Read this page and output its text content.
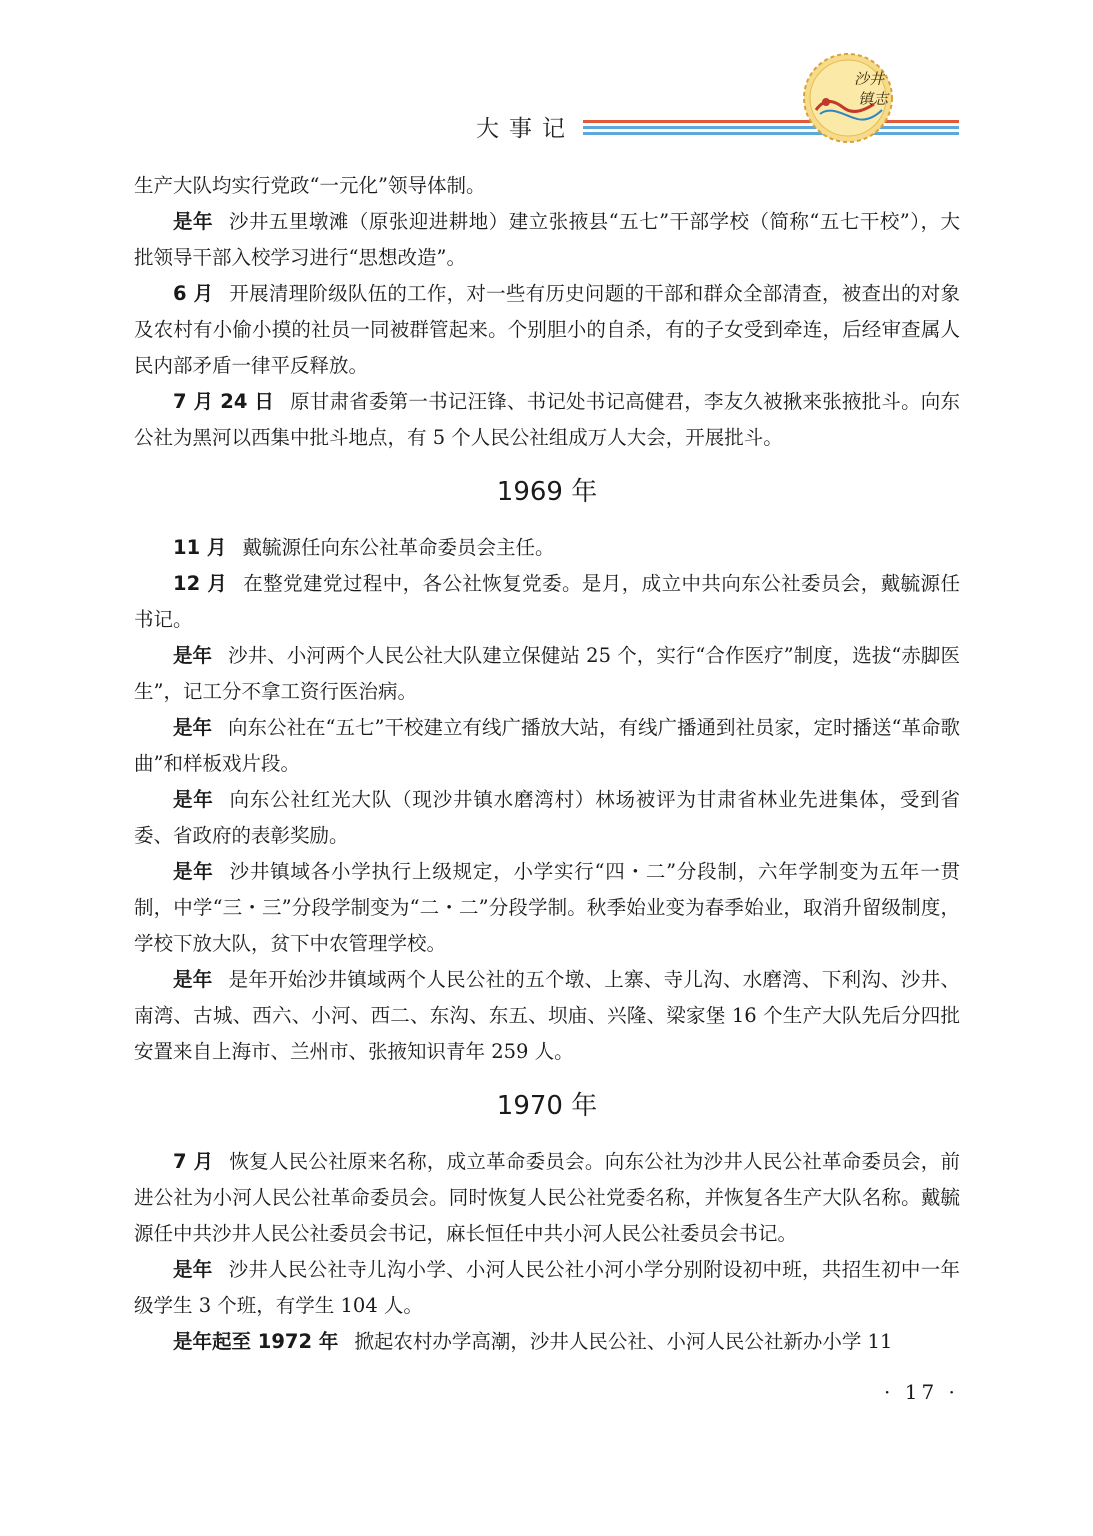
大事记
沙井
镇志

生产大队均实行党政“一元化”领导体制。

是年 沙井五里墩滩（原张迎进耕地）建立张掖县“五七”干部学校（简称“五七干校”），大批领导干部入校学习进行“思想改造”。

6 月 开展清理阶级队伍的工作，对一些有历史问题的干部和群众全部清查，被查出的对象及农村有小偷小摸的社员一同被群管起来。个别胆小的自杀，有的子女受到牵连，后经审查属人民内部矛盾一律平反释放。

7 月 24 日 原甘肃省委第一书记汪锋、书记处书记高健君，李友久被揪来张掖批斗。向东公社为黑河以西集中批斗地点，有 5 个人民公社组成万人大会，开展批斗。

1969 年

11 月 戴毓源任向东公社革命委员会主任。

12 月 在整党建党过程中，各公社恢复党委。是月，成立中共向东公社委员会，戴毓源任书记。

是年 沙井、小河两个人民公社大队建立保健站 25 个，实行“合作医疗”制度，选拔“赤脚医生”，记工分不拿工资行医治病。

是年 向东公社在“五七”干校建立有线广播放大站，有线广播通到社员家，定时播送“革命歌曲”和样板戏片段。

是年 向东公社红光大队（现沙井镇水磨湾村）林场被评为甘肃省林业先进集体，受到省委、省政府的表彰奖励。

是年 沙井镇域各小学执行上级规定，小学实行“四・二”分段制，六年学制变为五年一贯制，中学“三・三”分段学制变为“二・二”分段学制。秋季始业变为春季始业，取消升留级制度，学校下放大队，贫下中农管理学校。

是年 是年开始沙井镇域两个人民公社的五个墩、上寨、寺儿沟、水磨湾、下利沟、沙井、南湾、古城、西六、小河、西二、东沟、东五、坝庙、兴隆、梁家堡 16 个生产大队先后分四批安置来自上海市、兰州市、张掖知识青年 259 人。

1970 年

7 月 恢复人民公社原来名称，成立革命委员会。向东公社为沙井人民公社革命委员会，前进公社为小河人民公社革命委员会。同时恢复人民公社党委名称，并恢复各生产大队名称。戴毓源任中共沙井人民公社委员会书记，麻长恒任中共小河人民公社委员会书记。

是年 沙井人民公社寺儿沟小学、小河人民公社小河小学分别附设初中班，共招生初中一年级学生 3 个班，有学生 104 人。

是年起至 1972 年 掀起农村办学高潮，沙井人民公社、小河人民公社新办小学 11

· 17 ·
